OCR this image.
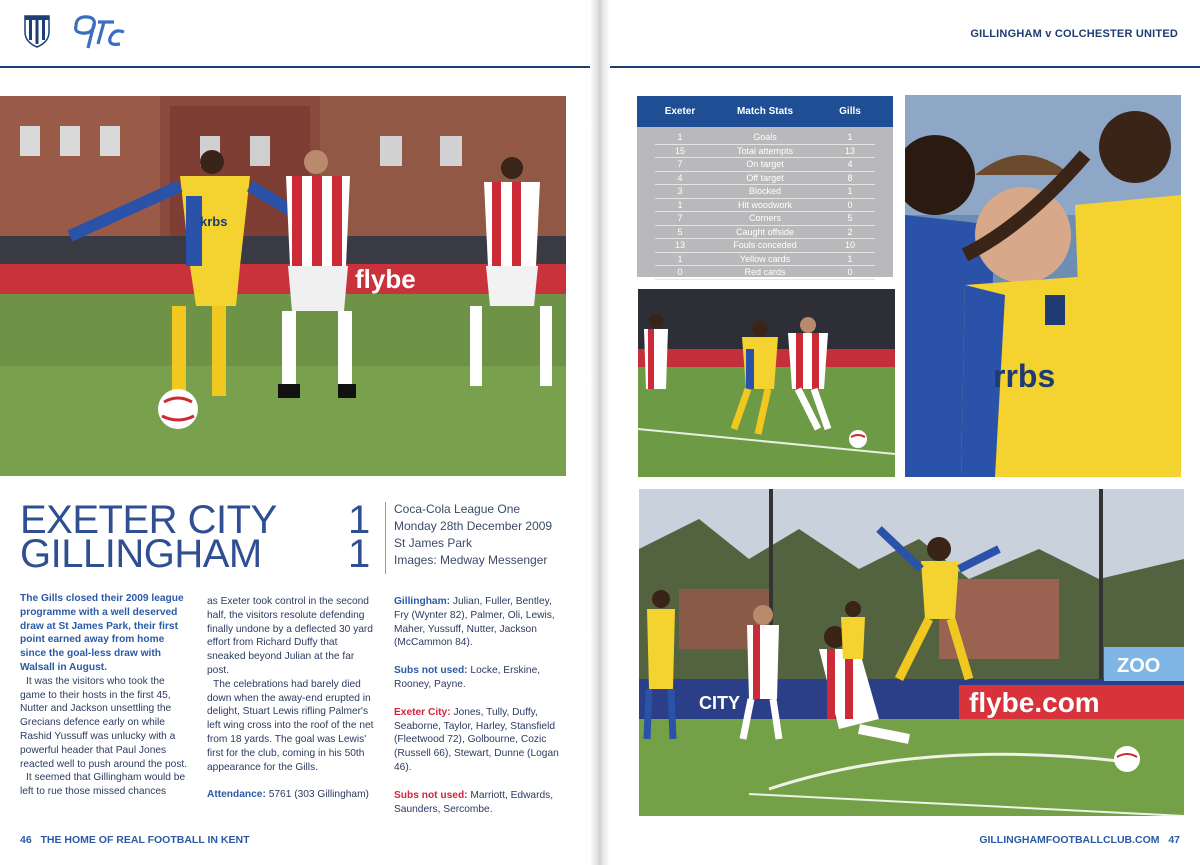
GILLINGHAM v COLCHESTER UNITED
flybe
krbs
EXETER CITY 1
GILLINGHAM 1
Coca-Cola League One
Monday 28th December 2009
St James Park
Images: Medway Messenger

The Gills closed their 2009 league programme with a well deserved draw at St James Park, their first point earned away from home since the goal-less draw with Walsall in August.

It was the visitors who took the game to their hosts in the first 45, Nutter and Jackson unsettling the Grecians defence early on while Rashid Yussuff was unlucky with a powerful header that Paul Jones reacted well to push around the post.

It seemed that Gillingham would be left to rue those missed chances

as Exeter took control in the second half, the visitors resolute defending finally undone by a deflected 30 yard effort from Richard Duffy that sneaked beyond Julian at the far post.

The celebrations had barely died down when the away-end erupted in delight, Stuart Lewis rifling Palmer's left wing cross into the roof of the net from 18 yards. The goal was Lewis' first for the club, coming in his 50th appearance for the Gills.

Attendance: 5761 (303 Gillingham)

Gillingham: Julian, Fuller, Bentley, Fry (Wynter 82), Palmer, Oli, Lewis, Maher, Yussuff, Nutter, Jackson (McCammon 84).

Subs not used: Locke, Erskine, Rooney, Payne.

Exeter City: Jones, Tully, Duffy, Seaborne, Taylor, Harley, Stansfield (Fleetwood 72), Golbourne, Cozic (Russell 66), Stewart, Dunne (Logan 46).

Subs not used: Marriott, Edwards, Saunders, Sercombe.

46 THE HOME OF REAL FOOTBALL IN KENT	GILLINGHAMFOOTBALLCLUB.COM 47
Exeter	Match Stats	Gills
1	Goals	1
15	Total attempts	13
7	On target	4
4	Off target	8
3	Blocked	1
1	Hit woodwork	0
7	Corners	5
5	Caught offside	2
13	Fouls conceded	10
1	Yellow cards	1
0	Red cards	0
rrbs
CITY	flybe.com
ZOO
